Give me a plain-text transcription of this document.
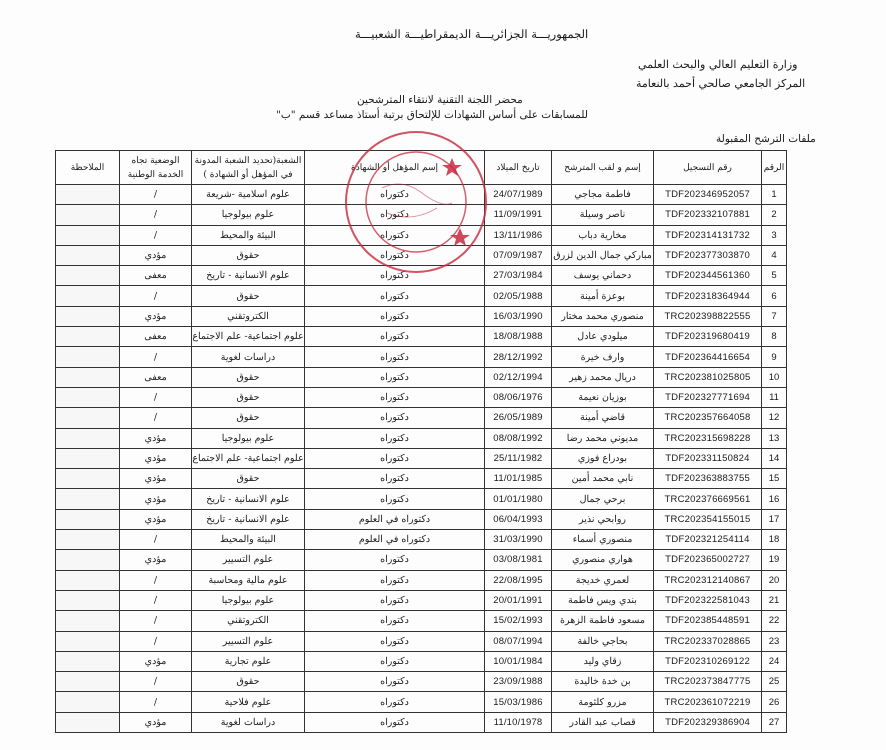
الجمهوريـــة الجزائريـــة الديمقراطيـــة الشعبيـــة
وزارة التعليم العالي والبحث العلمي
المركز الجامعي صالحي أحمد بالنعامة
محضر اللجنة التقنية لانتقاء المترشحين
للمسابقات على أساس الشهادات للإلتحاق برتبة أستاذ مساعد قسم "ب"
ملفات الترشح المقبولة
الرقم	رقم التسجيل	إسم و لقب المترشح	تاريخ الميلاد	إسم المؤهل أو الشهادة	الشعبة(تحديد الشعبة المدونة في المؤهل أو الشهادة )	الوضعية تجاه الخدمة الوطنية	الملاحظة
1	TDF202346952057	فاطمة مجاجي	24/07/1989	دكتوراه	علوم اسلامية -شريعة	/	
2	TDF202332107881	ناصر وسيلة	11/09/1991	دكتوراه	علوم بيولوجيا	/	
3	TDF202314131732	مخارية دباب	13/11/1986	دكتوراه	البيئة والمحيط	/	
4	TDF202377303870	مباركي جمال الدين لزرق	07/09/1987	دكتوراه	حقوق	مؤدي	
5	TDF202344561360	دحماني يوسف	27/03/1984	دكتوراه	علوم الانسانية - تاريخ	معفى	
6	TDF202318364944	بوعزة أمينة	02/05/1988	دكتوراه	حقوق	/	
7	TRC202398822555	منصوري محمد مختار	16/03/1990	دكتوراه	الكتروتقني	مؤدي	
8	TDF202319680419	ميلودي عادل	18/08/1988	دكتوراه	علوم اجتماعية- علم الاجتماع	معفى	
9	TDF202364416654	وارف خيرة	28/12/1992	دكتوراه	دراسات لغوية	/	
10	TRC202381025805	دريال محمد زهير	02/12/1994	دكتوراه	حقوق	معفى	
11	TDF202327771694	بوزيان نعيمة	08/06/1976	دكتوراه	حقوق	/	
12	TRC202357664058	قاضي أمينة	26/05/1989	دكتوراه	حقوق	/	
13	TRC202315698228	مديوني محمد رضا	08/08/1992	دكتوراه	علوم بيولوجيا	مؤدي	
14	TDF202331150824	بودراع فوزي	25/11/1982	دكتوراه	علوم اجتماعية- علم الاجتماع	مؤدي	
15	TDF202363883755	نابي محمد أمين	11/01/1985	دكتوراه	حقوق	مؤدي	
16	TRC202376669561	برحي جمال	01/01/1980	دكتوراه	علوم الانسانية - تاريخ	مؤدي	
17	TRC202354155015	روابحي نذير	06/04/1993	دكتوراه في العلوم	علوم الانسانية - تاريخ	مؤدي	
18	TDF202321254114	منصوري أسماء	31/03/1990	دكتوراه في العلوم	البيئة والمحيط	/	
19	TDF202365002727	هواري منصوري	03/08/1981	دكتوراه	علوم التسيير	مؤدي	
20	TRC202312140867	لعمري خديجة	22/08/1995	دكتوراه	علوم مالية ومحاسبة	/	
21	TDF202322581043	بندي ويس فاطمة	20/01/1991	دكتوراه	علوم بيولوجيا	/	
22	TDF202385448591	مسعود فاطمة الزهرة	15/02/1993	دكتوراه	الكتروتقني	/	
23	TRC202337028865	بحاجي خالفة	08/07/1994	دكتوراه	علوم التسيير	/	
24	TDF202310269122	زقاي وليد	10/01/1984	دكتوراه	علوم تجارية	مؤدي	
25	TRC202373847775	بن خدة خاليدة	23/09/1988	دكتوراه	حقوق	/	
26	TRC202361072219	مزرو كلثومة	15/03/1986	دكتوراه	علوم فلاحية	/	
27	TDF202329386904	قصاب عبد القادر	11/10/1978	دكتوراه	دراسات لغوية	مؤدي	
